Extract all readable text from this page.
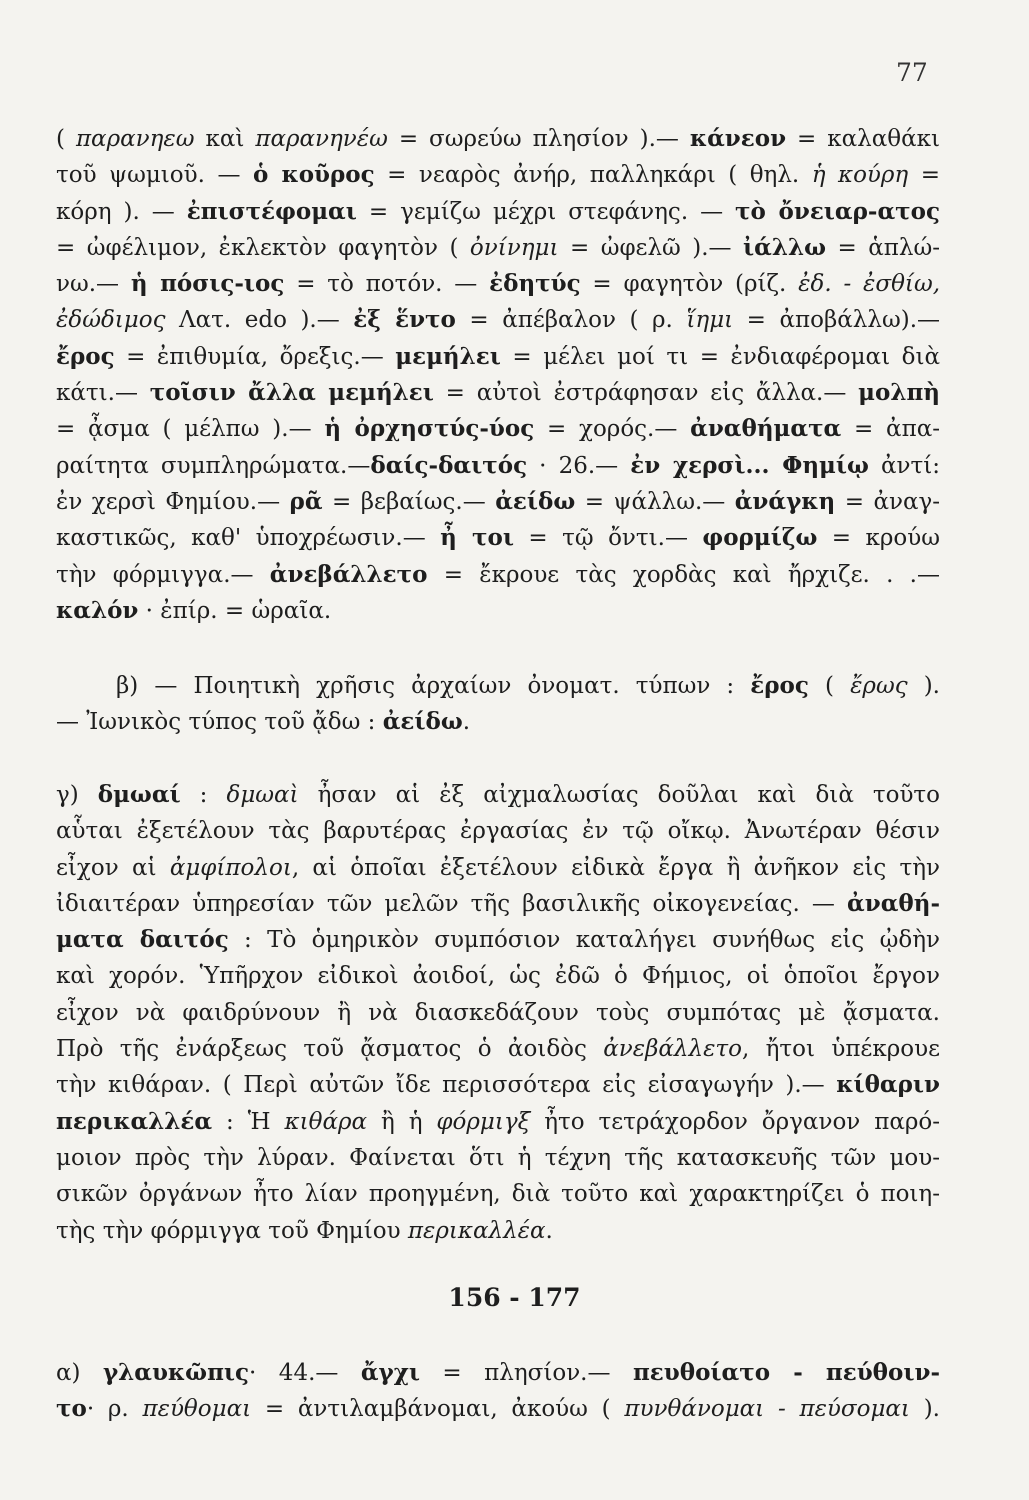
77
( παρανηεω καὶ παρανηνέω = σωρεύω πλησίον ).— κάνεον = καλαθάκι
τοῦ ψωμιοῦ. — ὁ κοῦρος = νεαρὸς ἀνήρ, παλληκάρι ( θηλ. ἡ κούρη =
κόρη ). — ἐπιστέφομαι = γεμίζω μέχρι στεφάνης. — τὸ ὄνειαρ-ατος
= ὠφέλιμον, ἐκλεκτὸν φαγητὸν ( ὀνίνημι = ὠφελῶ ).— ἰάλλω = ἁπλώ-
νω.— ἡ πόσις-ιος = τὸ ποτόν. — ἐδητύς = φαγητὸν (ρίζ. ἐδ. - ἐσθίω,
ἐδώδιμος Λατ. edo ).— ἐξ ἕντο = ἀπέβαλον ( ρ. ἵημι = ἀποβάλλω).—
ἔρος = ἐπιθυμία, ὄρεξις.— μεμήλει = μέλει μοί τι = ἐνδιαφέρομαι διὰ
κάτι.— τοῖσιν ἄλλα μεμήλει = αὐτοὶ ἐστράφησαν εἰς ἄλλα.— μολπὴ
= ᾆσμα ( μέλπω ).— ἡ ὀρχηστύς-ύος = χορός.— ἀναθήματα = ἀπα-
ραίτητα συμπληρώματα.—δαίς-δαιτός · 26.— ἐν χερσὶ... Φημίῳ ἀντί:
ἐν χερσὶ Φημίου.— ρᾶ = βεβαίως.— ἀείδω = ψάλλω.— ἀνάγκη = ἀναγ-
καστικῶς, καθ' ὑποχρέωσιν.— ἦ τοι = τῷ ὄντι.— φορμίζω = κρούω
τὴν φόρμιγγα.— ἀνεβάλλετο = ἔκρουε τὰς χορδὰς καὶ ἤρχιζε. . .—
καλόν · ἐπίρ. = ὡραῖα.
β) — Ποιητικὴ χρῆσις ἀρχαίων ὀνοματ. τύπων : ἔρος ( ἔρως ).
— Ἰωνικὸς τύπος τοῦ ᾄδω : ἀείδω.
γ) δμωαί : δμωαὶ ἦσαν αἱ ἐξ αἰχμαλωσίας δοῦλαι καὶ διὰ τοῦτο
αὗται ἐξετέλουν τὰς βαρυτέρας ἐργασίας ἐν τῷ οἴκῳ. Ἀνωτέραν θέσιν
εἶχον αἱ ἀμφίπολοι, αἱ ὁποῖαι ἐξετέλουν εἰδικὰ ἔργα ἢ ἀνῆκον εἰς τὴν
ἰδιαιτέραν ὑπηρεσίαν τῶν μελῶν τῆς βασιλικῆς οἰκογενείας. — ἀναθή-
ματα δαιτός : Τὸ ὁμηρικὸν συμπόσιον καταλήγει συνήθως εἰς ᾠδὴν
καὶ χορόν. Ὑπῆρχον εἰδικοὶ ἀοιδοί, ὡς ἐδῶ ὁ Φήμιος, οἱ ὁποῖοι ἔργον
εἶχον νὰ φαιδρύνουν ἢ νὰ διασκεδάζουν τοὺς συμπότας μὲ ᾄσματα.
Πρὸ τῆς ἐνάρξεως τοῦ ᾄσματος ὁ ἀοιδὸς ἀνεβάλλετο, ἤτοι ὑπέκρουε
τὴν κιθάραν. ( Περὶ αὐτῶν ἴδε περισσότερα εἰς εἰσαγωγήν ).— κίθαριν
περικαλλέα : Ἡ κιθάρα ἢ ἡ φόρμιγξ ἦτο τετράχορδον ὄργανον παρό-
μοιον πρὸς τὴν λύραν. Φαίνεται ὅτι ἡ τέχνη τῆς κατασκευῆς τῶν μου-
σικῶν ὀργάνων ἦτο λίαν προηγμένη, διὰ τοῦτο καὶ χαρακτηρίζει ὁ ποιη-
τὴς τὴν φόρμιγγα τοῦ Φημίου περικαλλέα.
156 - 177
α) γλαυκῶπις· 44.— ἄγχι = πλησίον.— πευθοίατο - πεύθοιν-
το· ρ. πεύθομαι = ἀντιλαμβάνομαι, ἀκούω ( πυνθάνομαι - πεύσομαι ).
